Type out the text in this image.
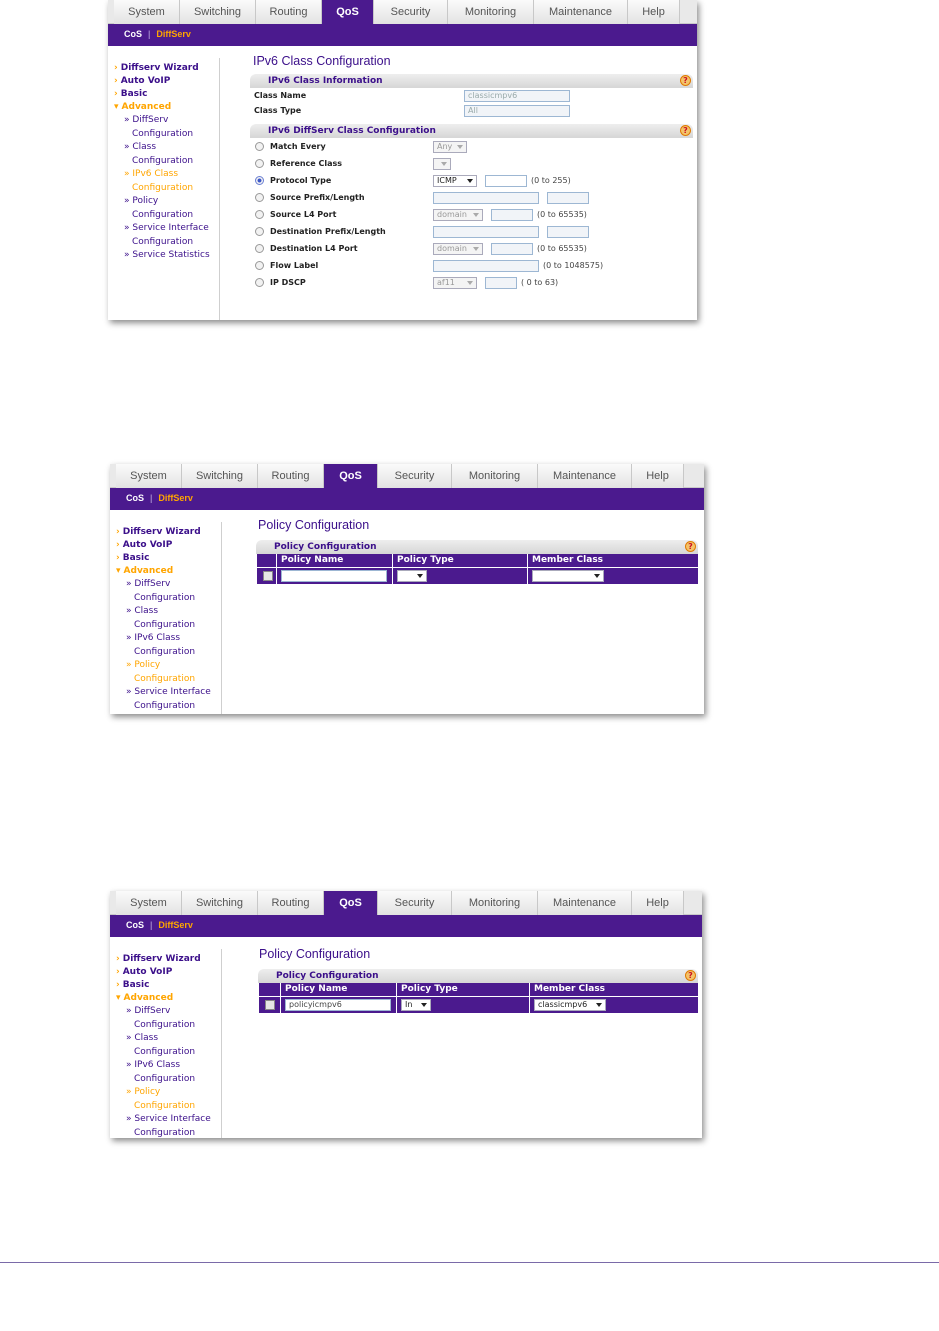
System	Switching	Routing	QoS	Security	Monitoring	Maintenance	Help
CoS | DiffServ
› Diffserv Wizard
› Auto VoIP
› Basic
▾ Advanced
» DiffServ
Configuration
» Class
Configuration
» IPv6 Class
Configuration
» Policy
Configuration
» Service Interface
Configuration
» Service Statistics
IPv6 Class Configuration
IPv6 Class Information	?
Class Name	classicmpv6
Class Type	All
IPv6 DiffServ Class Configuration	?
Match Every	Any
Reference Class
Protocol Type	ICMP	(0 to 255)
Source Prefix/Length
Source L4 Port	domain	(0 to 65535)
Destination Prefix/Length
Destination L4 Port	domain	(0 to 65535)
Flow Label	(0 to 1048575)
IP DSCP	af11	( 0 to 63)
System	Switching	Routing	QoS	Security	Monitoring	Maintenance	Help
CoS | DiffServ
› Diffserv Wizard
› Auto VoIP
› Basic
▾ Advanced
» DiffServ
Configuration
» Class
Configuration
» IPv6 Class
Configuration
» Policy
Configuration
» Service Interface
Configuration
Policy Configuration
Policy Configuration	?
	Policy Name	Policy Type	Member Class

System	Switching	Routing	QoS	Security	Monitoring	Maintenance	Help
CoS | DiffServ
› Diffserv Wizard
› Auto VoIP
› Basic
▾ Advanced
» DiffServ
Configuration
» Class
Configuration
» IPv6 Class
Configuration
» Policy
Configuration
» Service Interface
Configuration
Policy Configuration
Policy Configuration	?
	Policy Name	Policy Type	Member Class

	policyicmpv6	In	classicmpv6
